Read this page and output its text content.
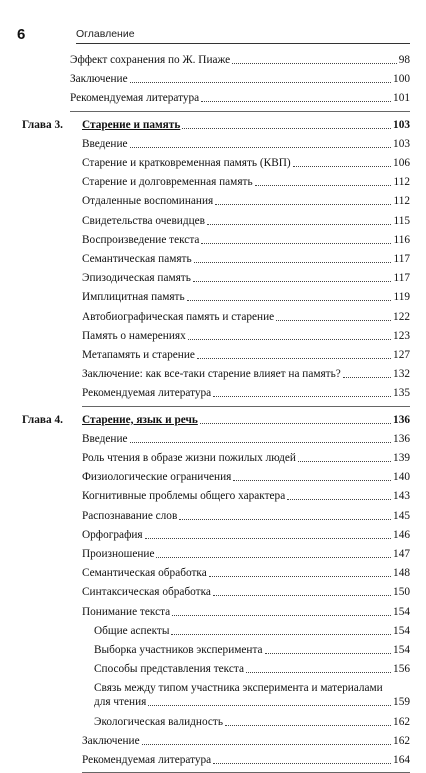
6	Оглавление
Эффект сохранения по Ж. Пиаже	98
Заключение	100
Рекомендуемая литература	101
Глава 3. Старение и память	103
Введение	103
Старение и кратковременная память (КВП)	106
Старение и долговременная память	112
Отдаленные воспоминания	112
Свидетельства очевидцев	115
Воспроизведение текста	116
Семантическая память	117
Эпизодическая память	117
Имплицитная память	119
Автобиографическая память и старение	122
Память о намерениях	123
Метапамять и старение	127
Заключение: как все-таки старение влияет на память?	132
Рекомендуемая литература	135
Глава 4. Старение, язык и речь	136
Введение	136
Роль чтения в образе жизни пожилых людей	139
Физиологические ограничения	140
Когнитивные проблемы общего характера	143
Распознавание слов	145
Орфография	146
Произношение	147
Семантическая обработка	148
Синтаксическая обработка	150
Понимание текста	154
Общие аспекты	154
Выборка участников эксперимента	154
Способы представления текста	156
Связь между типом участника эксперимента и материалами
для чтения	159
Экологическая валидность	162
Заключение	162
Рекомендуемая литература	164
